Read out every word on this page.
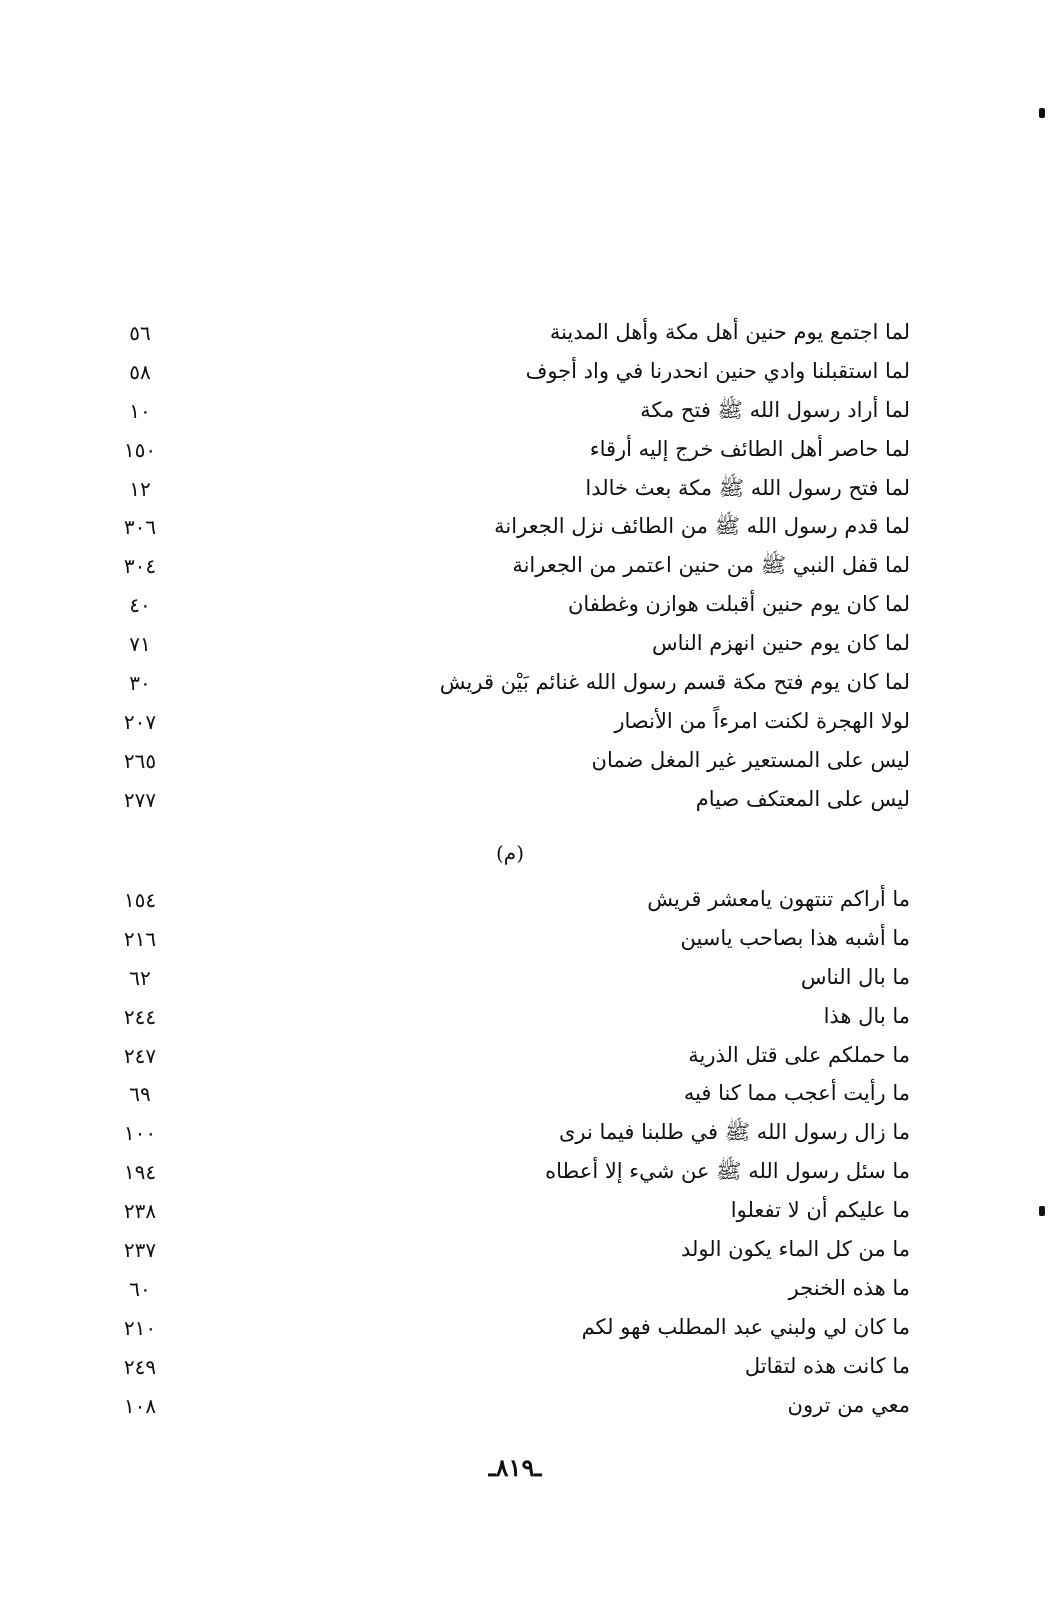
لما اجتمع يوم حنين أهل مكة وأهل المدينة
٥٦
لما استقبلنا وادي حنين انحدرنا في واد أجوف
٥٨
لما أراد رسول الله ﷺ فتح مكة
١٠
لما حاصر أهل الطائف خرج إليه أرقاء
١٥٠
لما فتح رسول الله ﷺ مكة بعث خالدا
١٢
لما قدم رسول الله ﷺ من الطائف نزل الجعرانة
٣٠٦
لما قفل النبي ﷺ من حنين اعتمر من الجعرانة
٣٠٤
لما كان يوم حنين أقبلت هوازن وغطفان
٤٠
لما كان يوم حنين انهزم الناس
٧١
لما كان يوم فتح مكة قسم رسول الله غنائم بَيْن قريش
٣٠
لولا الهجرة لكنت امرءاً من الأنصار
٢٠٧
ليس على المستعير غير المغل ضمان
٢٦٥
ليس على المعتكف صيام
٢٧٧
(م)
ما أراكم تنتهون يامعشر قريش
١٥٤
ما أشبه هذا بصاحب ياسين
٢١٦
ما بال الناس
٦٢
ما بال هذا
٢٤٤
ما حملكم على قتل الذرية
٢٤٧
ما رأيت أعجب مما كنا فيه
٦٩
ما زال رسول الله ﷺ في طلبنا فيما نرى
١٠٠
ما سئل رسول الله ﷺ عن شيء إلا أعطاه
١٩٤
ما عليكم أن لا تفعلوا
٢٣٨
ما من كل الماء يكون الولد
٢٣٧
ما هذه الخنجر
٦٠
ما كان لي ولبني عبد المطلب فهو لكم
٢١٠
ما كانت هذه لتقاتل
٢٤٩
معي من ترون
١٠٨
ـ٨١٩ـ
